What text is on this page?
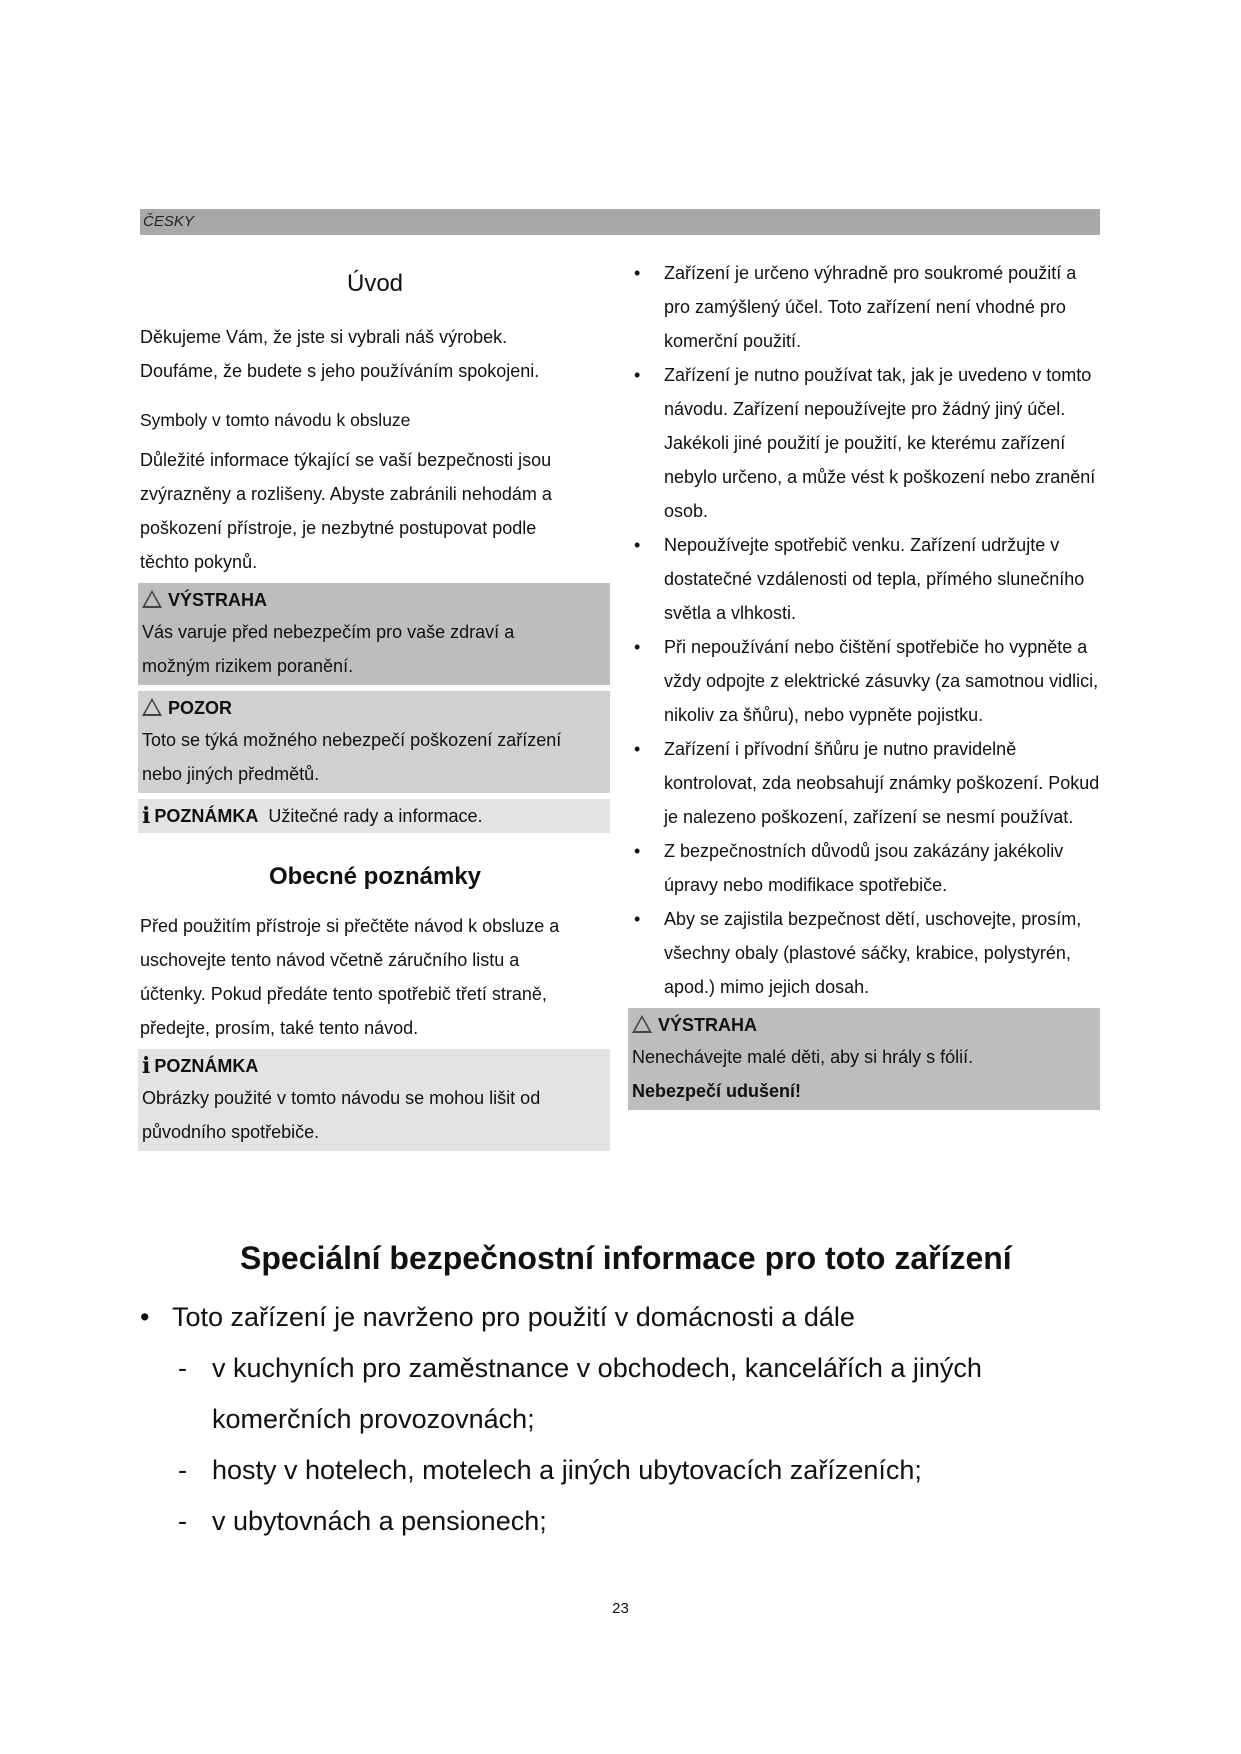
ČESKY
Úvod

Děkujeme Vám, že jste si vybrali náš výrobek.

Doufáme, že budete s jeho používáním spokojeni.

Symboly v tomto návodu k obsluze

Důležité informace týkající se vaší bezpečnosti jsou

zvýrazněny a rozlišeny. Abyste zabránili nehodám a

poškození přístroje, je nezbytné postupovat podle

těchto pokynů.

VÝSTRAHA
Vás varuje před nebezpečím pro vaše zdraví a
možným rizikem poranění.
POZOR
Toto se týká možného nebezpečí poškození zařízení
nebo jiných předmětů.
i POZNÁMKA Užitečné rady a informace.
Obecné poznámky

Před použitím přístroje si přečtěte návod k obsluze a

uschovejte tento návod včetně záručního listu a

účtenky. Pokud předáte tento spotřebič třetí straně,

předejte, prosím, také tento návod.

i POZNÁMKA
Obrázky použité v tomto návodu se mohou lišit od
původního spotřebiče.
• Zařízení je určeno výhradně pro soukromé použití a pro zamýšlený účel. Toto zařízení není vhodné pro komerční použití.
• Zařízení je nutno používat tak, jak je uvedeno v tomto návodu. Zařízení nepoužívejte pro žádný jiný účel. Jakékoli jiné použití je použití, ke kterému zařízení nebylo určeno, a může vést k poškození nebo zranění osob.
• Nepoužívejte spotřebič venku. Zařízení udržujte v dostatečné vzdálenosti od tepla, přímého slunečního světla a vlhkosti.
• Při nepoužívání nebo čištění spotřebiče ho vypněte a vždy odpojte z elektrické zásuvky (za samotnou vidlici, nikoliv za šňůru), nebo vypněte pojistku.
• Zařízení i přívodní šňůru je nutno pravidelně kontrolovat, zda neobsahují známky poškození. Pokud je nalezeno poškození, zařízení se nesmí používat.
• Z bezpečnostních důvodů jsou zakázány jakékoliv úpravy nebo modifikace spotřebiče.
• Aby se zajistila bezpečnost dětí, uschovejte, prosím, všechny obaly (plastové sáčky, krabice, polystyrén, apod.) mimo jejich dosah.
VÝSTRAHA
Nenechávejte malé děti, aby si hrály s fólií.
Nebezpečí udušení!
Speciální bezpečnostní informace pro toto zařízení
• Toto zařízení je navrženo pro použití v domácnosti a dále
- v kuchyních pro zaměstnance v obchodech, kancelářích a jiných komerčních provozovnách;
- hosty v hotelech, motelech a jiných ubytovacích zařízeních;
- v ubytovnách a pensionech;
23
